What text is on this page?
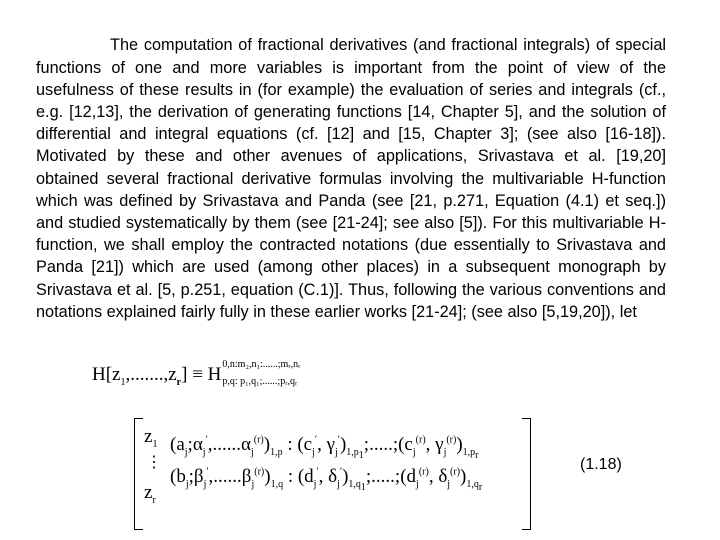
The computation of fractional derivatives (and fractional integrals) of special functions of one and more variables is important from the point of view of the usefulness of these results in (for example) the evaluation of series and integrals (cf., e.g. [12,13], the derivation of generating functions [14, Chapter 5], and the solution of differential and integral equations (cf. [12] and [15, Chapter 3]; (see also [16-18]). Motivated by these and other avenues of applications, Srivastava et al. [19,20] obtained several fractional derivative formulas involving the multivariable H-function which was defined by Srivastava and Panda (see [21, p.271, Equation (4.1) et seq.]) and studied systematically by them (see [21-24]; see also [5]). For this multivariable H-function, we shall employ the contracted notations (due essentially to Srivastava and Panda [21]) which are used (among other places) in a subsequent monograph by Srivastava et al. [5, p.251, equation (C.1)]. Thus, following the various conventions and notations explained fairly fully in these earlier works [21-24]; (see also [5,19,20]), let

$H[z_1,.......,z_r] \equiv H$ 0,n:m₂,n₁:......;mᵣ,nᵣ
p,q: p₁,q₁;......;pᵣ,qᵣ
$z_1$
⋮
$z_r$
$(a_j;\alpha_j',......\alpha_j^{(r)})_{1,p}$ : ($c_j'$, $\gamma_j')_{1,p_1};.....;(c_j^{(r)}$, $\gamma_j^{(r)})_{1,p_r}$
$(b_j;\beta_j',......\beta_j^{(r)})_{1,q}$ : ($d_j'$, $\delta_j')_{1,q_1};.....;(d_j^{(r)}$, $\delta_j^{(r)})_{1,q_r}$
(1.18)
